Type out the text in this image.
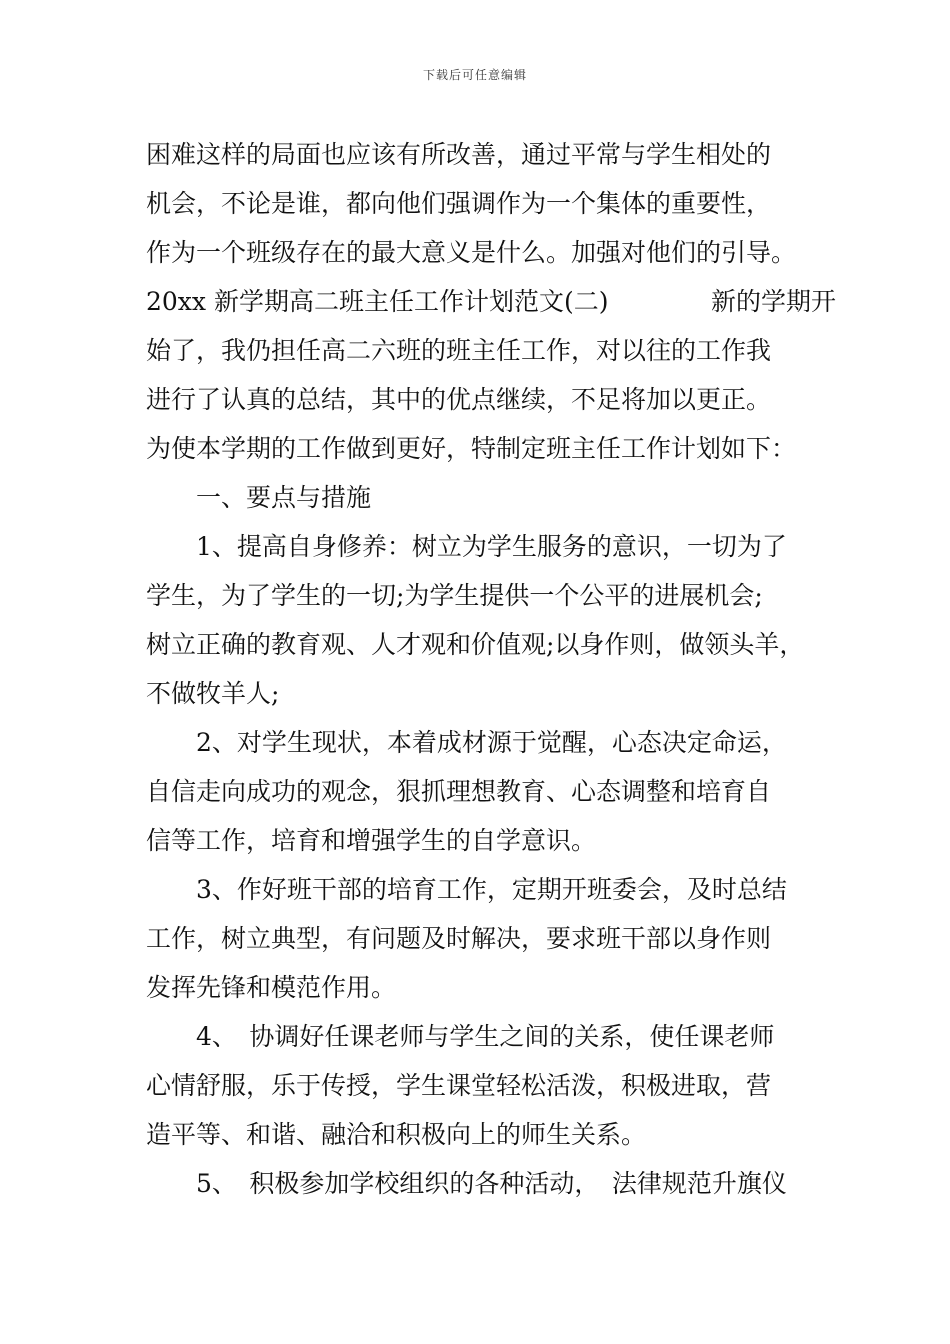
下载后可任意编辑
困难这样的局面也应该有所改善，通过平常与学生相处的
机会，不论是谁，都向他们强调作为一个集体的重要性，
作为一个班级存在的最大意义是什么。加强对他们的引导。
20xx 新学期高二班主任工作计划范文(二)	新的学期开
始了，我仍担任高二六班的班主任工作，对以往的工作我
进行了认真的总结，其中的优点继续，不足将加以更正。
为使本学期的工作做到更好，特制定班主任工作计划如下：
一、要点与措施
1、提高自身修养：树立为学生服务的意识，一切为了
学生，为了学生的一切;为学生提供一个公平的进展机会;
树立正确的教育观、人才观和价值观;以身作则，做领头羊，
不做牧羊人;
2、对学生现状，本着成材源于觉醒，心态决定命运，
自信走向成功的观念，狠抓理想教育、心态调整和培育自
信等工作，培育和增强学生的自学意识。
3、作好班干部的培育工作，定期开班委会，及时总结
工作，树立典型，有问题及时解决，要求班干部以身作则
发挥先锋和模范作用。
4、　协调好任课老师与学生之间的关系，使任课老师
心情舒服，乐于传授，学生课堂轻松活泼，积极进取，营
造平等、和谐、融洽和积极向上的师生关系。
5、　积极参加学校组织的各种活动，　法律规范升旗仪
